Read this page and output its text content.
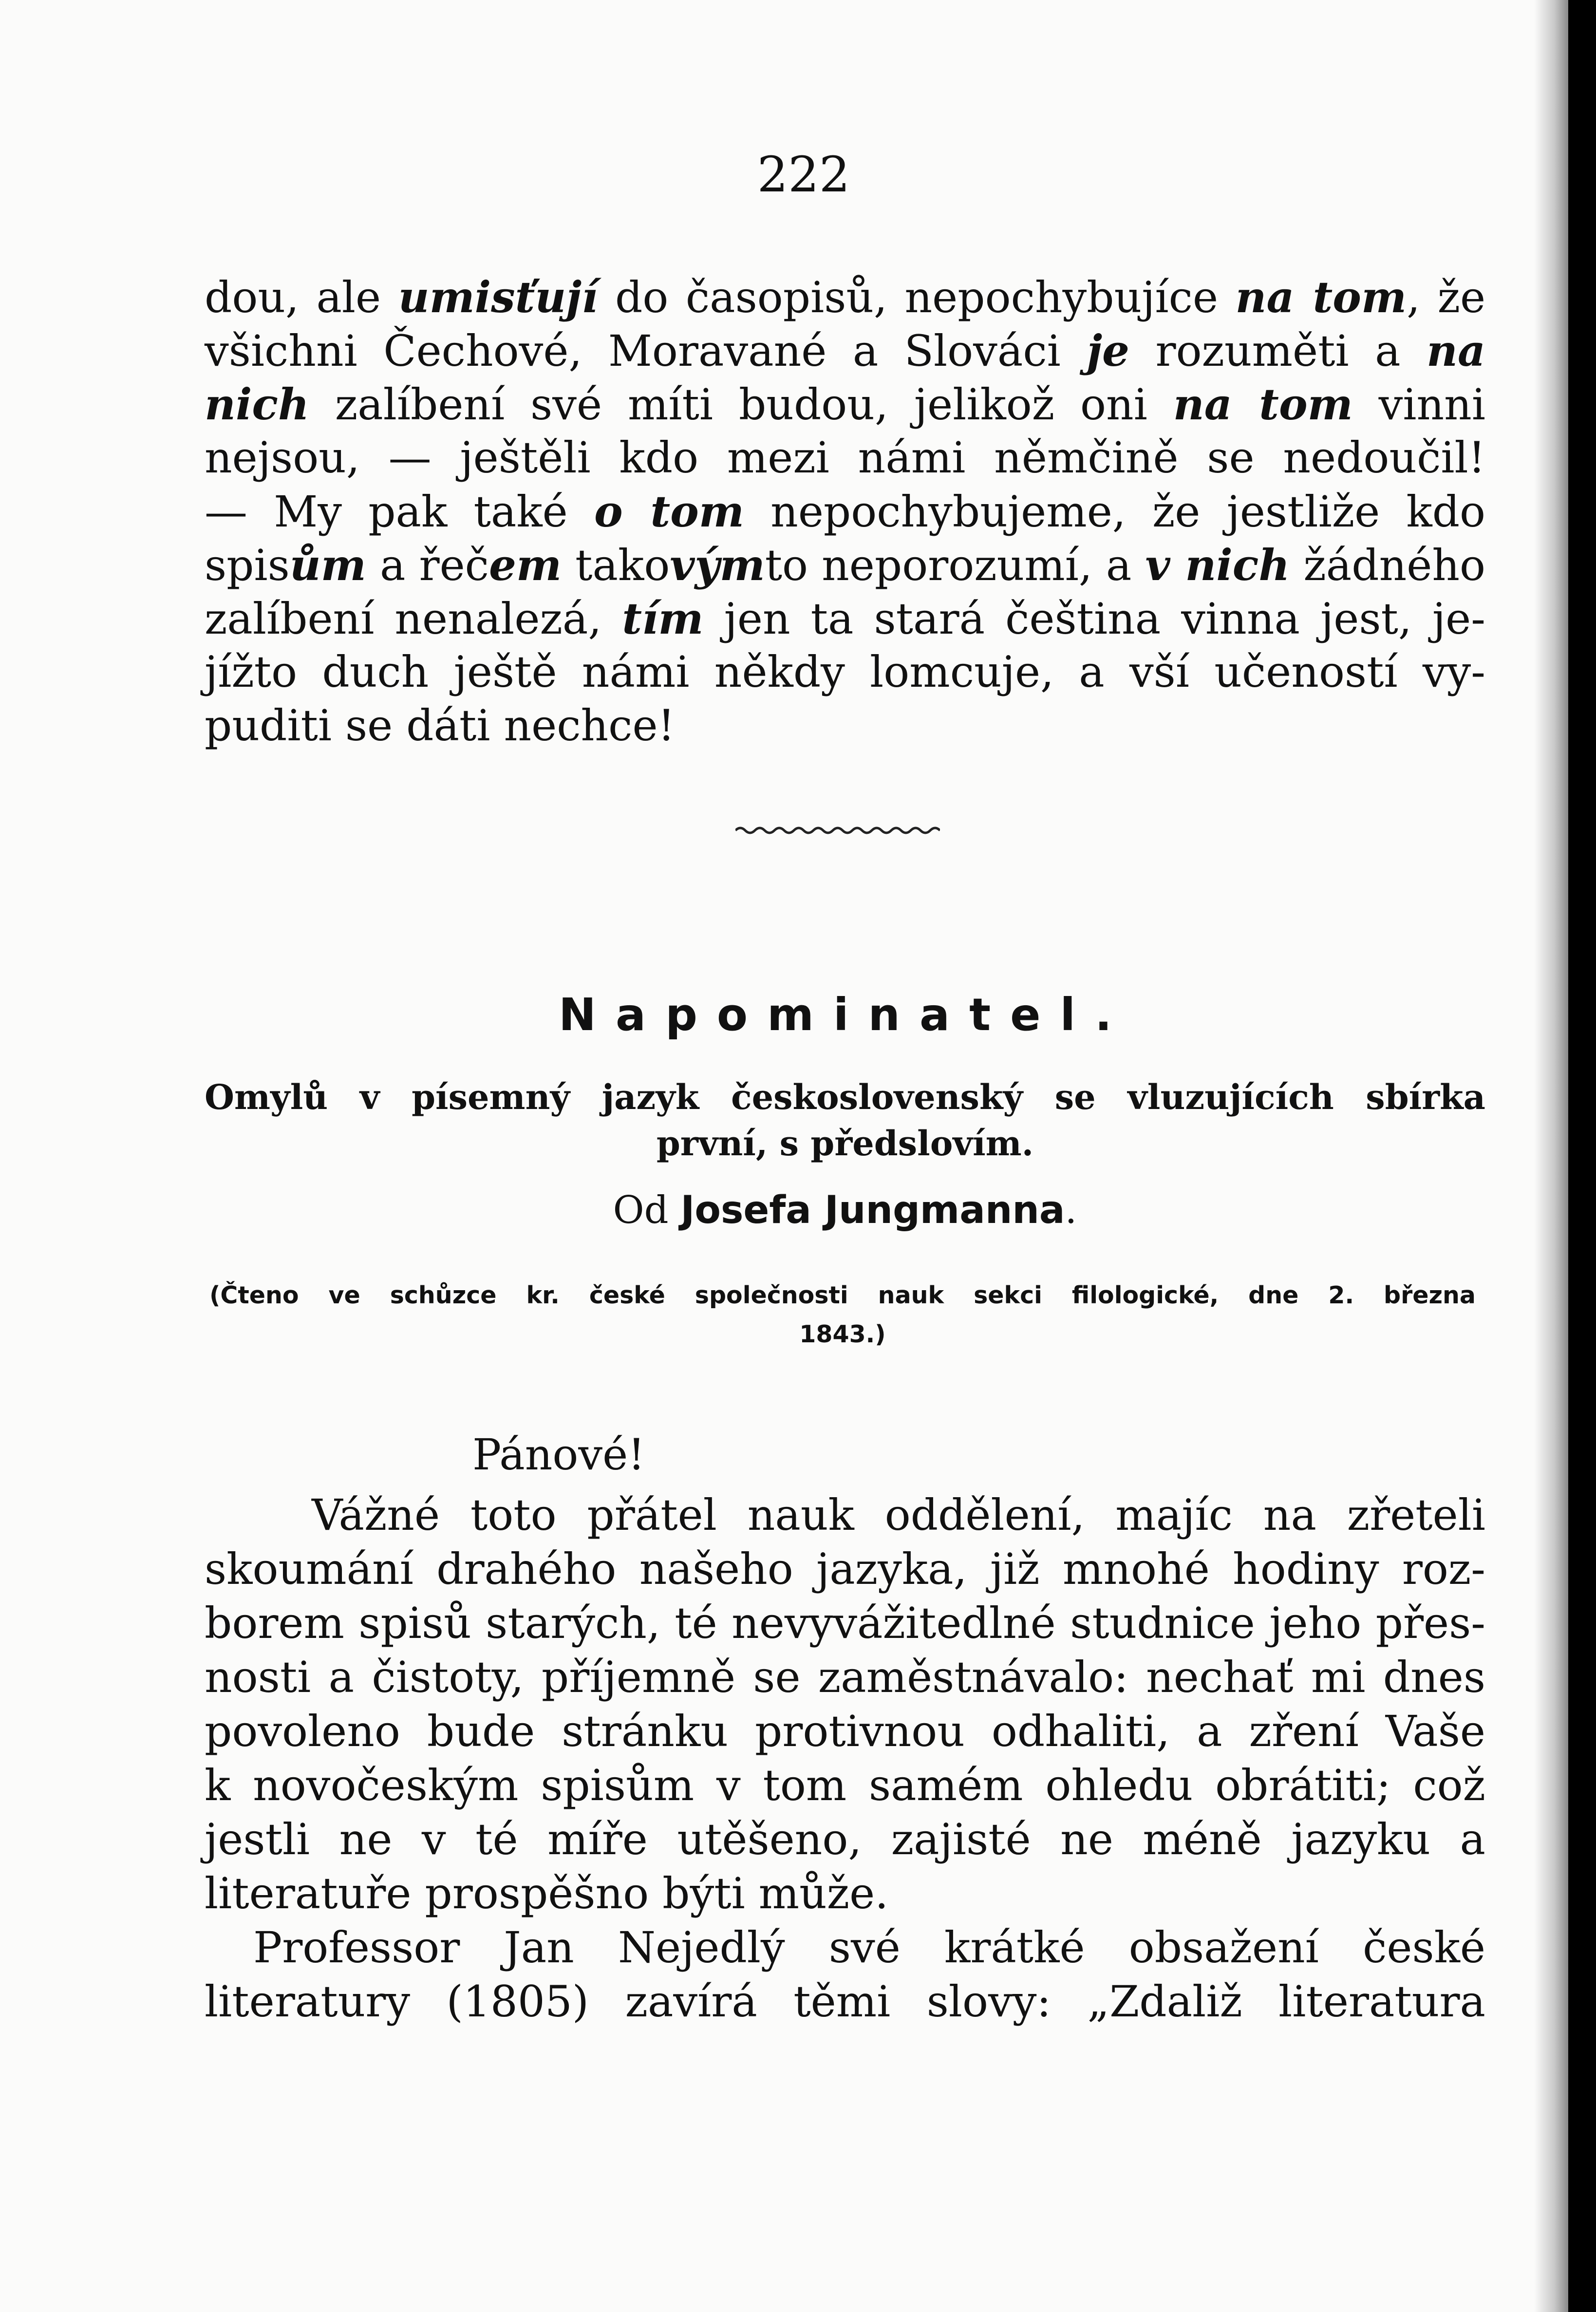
222
dou, ale umisťují do časopisů, nepochybujíce na tom, že
všichni Čechové, Moravané a Slováci je rozuměti a na
nich zalíbení své míti budou, jelikož oni na tom vinni
nejsou, — ještěli kdo mezi námi němčině se nedoučil!
— My pak také o tom nepochybujeme, že jestliže kdo
spisům a řečem takovýmto neporozumí, a v nich žádného
zalíbení nenalezá, tím jen ta stará čeština vinna jest, je-
jížto duch ještě námi někdy lomcuje, a vší učeností vy-
puditi se dáti nechce!
Napominatel.
Omylů v písemný jazyk československý se vluzujících sbírka
první, s předslovím.
Od Josefa Jungmanna.
(Čteno ve schůzce kr. české společnosti nauk sekci filologické, dne 2. března
1843.)
Pánové!
Vážné toto přátel nauk oddělení, majíc na zřeteli
skoumání drahého našeho jazyka, již mnohé hodiny roz-
borem spisů starých, té nevyvážitedlné studnice jeho přes-
nosti a čistoty, příjemně se zaměstnávalo: nechať mi dnes
povoleno bude stránku protivnou odhaliti, a zření Vaše
k novočeským spisům v tom samém ohledu obrátiti; což
jestli ne v té míře utěšeno, zajisté ne méně jazyku a
literatuře prospěšno býti může.
Professor Jan Nejedlý své krátké obsažení české
literatury (1805) zavírá těmi slovy: „Zdaliž literatura
